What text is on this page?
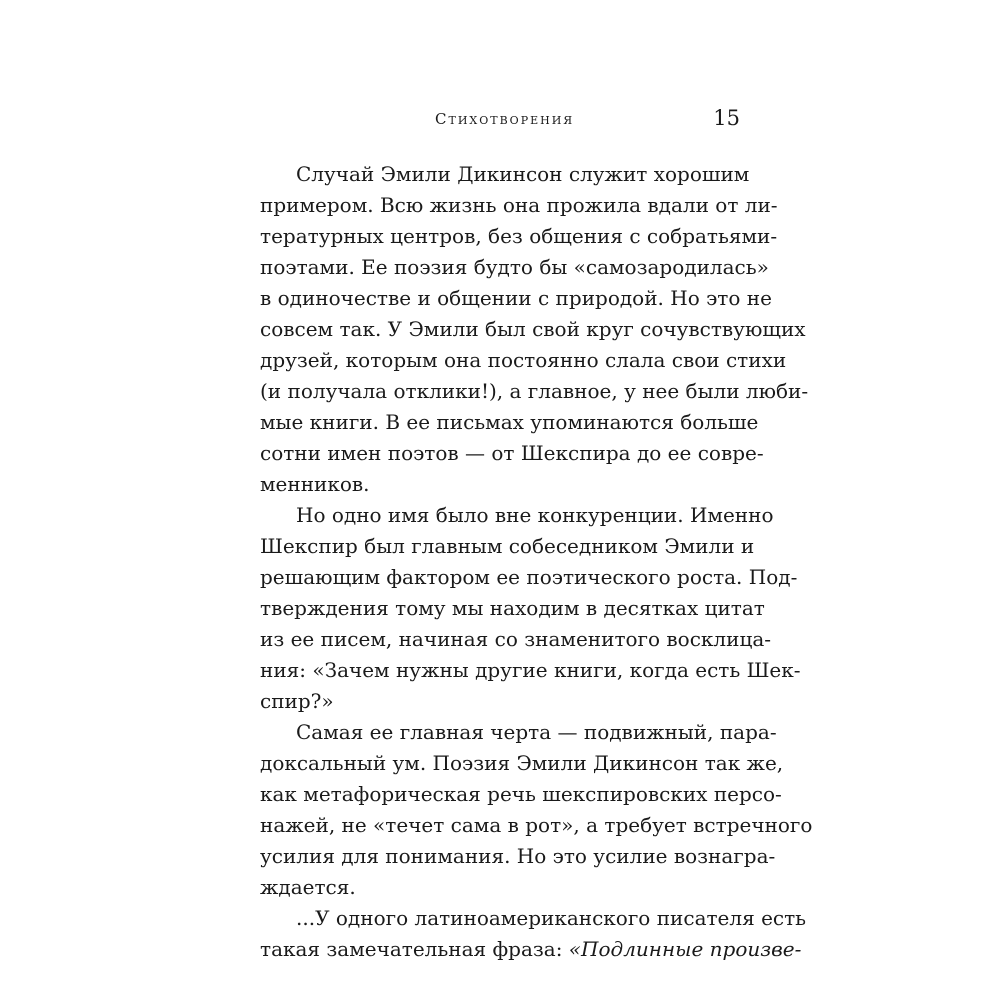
Стихотворения	15
Случай Эмили Дикинсон служит хорошим
примером. Всю жизнь она прожила вдали от ли-
тературных центров, без общения с собратьями-
поэтами. Ее поэзия будто бы «самозародилась»
в одиночестве и общении с природой. Но это не
совсем так. У Эмили был свой круг сочувствующих
друзей, которым она постоянно слала свои стихи
(и получала отклики!), а главное, у нее были люби-
мые книги. В ее письмах упоминаются больше
сотни имен поэтов — от Шекспира до ее совре-
менников.
Но одно имя было вне конкуренции. Именно
Шекспир был главным собеседником Эмили и
решающим фактором ее поэтического роста. Под-
тверждения тому мы находим в десятках цитат
из ее писем, начиная со знаменитого восклица-
ния: «Зачем нужны другие книги, когда есть Шек-
спир?»
Самая ее главная черта — подвижный, пара-
доксальный ум. Поэзия Эмили Дикинсон так же,
как метафорическая речь шекспировских персо-
нажей, не «течет сама в рот», а требует встречного
усилия для понимания. Но это усилие вознагра-
ждается.
...У одного латиноамериканского писателя есть
такая замечательная фраза: «Подлинные произве-
